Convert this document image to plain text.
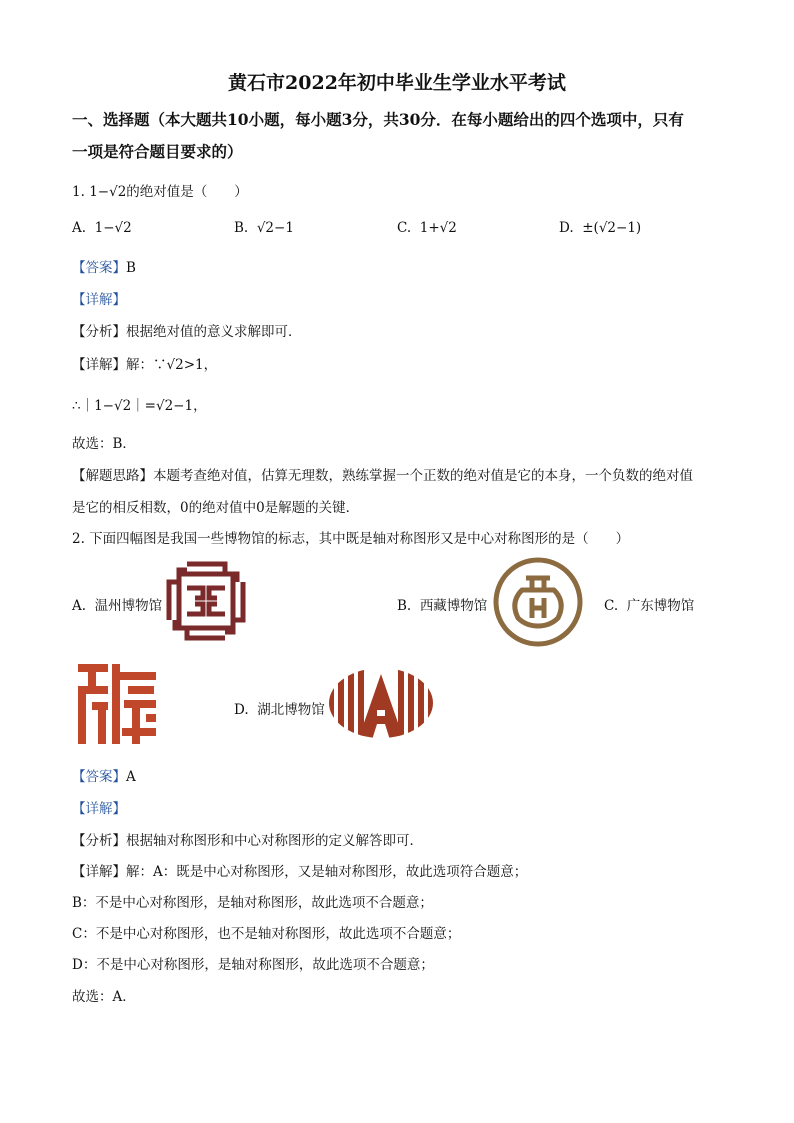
黄石市2022年初中毕业生学业水平考试
一、选择题（本大题共10小题，每小题3分，共30分．在每小题给出的四个选项中，只有
一项是符合题目要求的）
1. 1−√2的绝对值是（　　）
A. 1−√2	B. √2−1	C. 1+√2	D. ±(√2−1)
【答案】B
【详解】
【分析】根据绝对值的意义求解即可．
【详解】解：∵√2>1，
∴｜1−√2｜=√2−1，
故选：B．
【解题思路】本题考查绝对值，估算无理数，熟练掌握一个正数的绝对值是它的本身，一个负数的绝对值
是它的相反相数，0的绝对值中0是解题的关键．
2. 下面四幅图是我国一些博物馆的标志，其中既是轴对称图形又是中心对称图形的是（　　）
A. 温州博物馆	B. 西藏博物馆	C. 广东博物馆
D. 湖北博物馆
【答案】A
【详解】
【分析】根据轴对称图形和中心对称图形的定义解答即可．
【详解】解：A：既是中心对称图形，又是轴对称图形，故此选项符合题意；
B：不是中心对称图形，是轴对称图形，故此选项不合题意；
C：不是中心对称图形，也不是轴对称图形，故此选项不合题意；
D：不是中心对称图形，是轴对称图形，故此选项不合题意；
故选：A．
